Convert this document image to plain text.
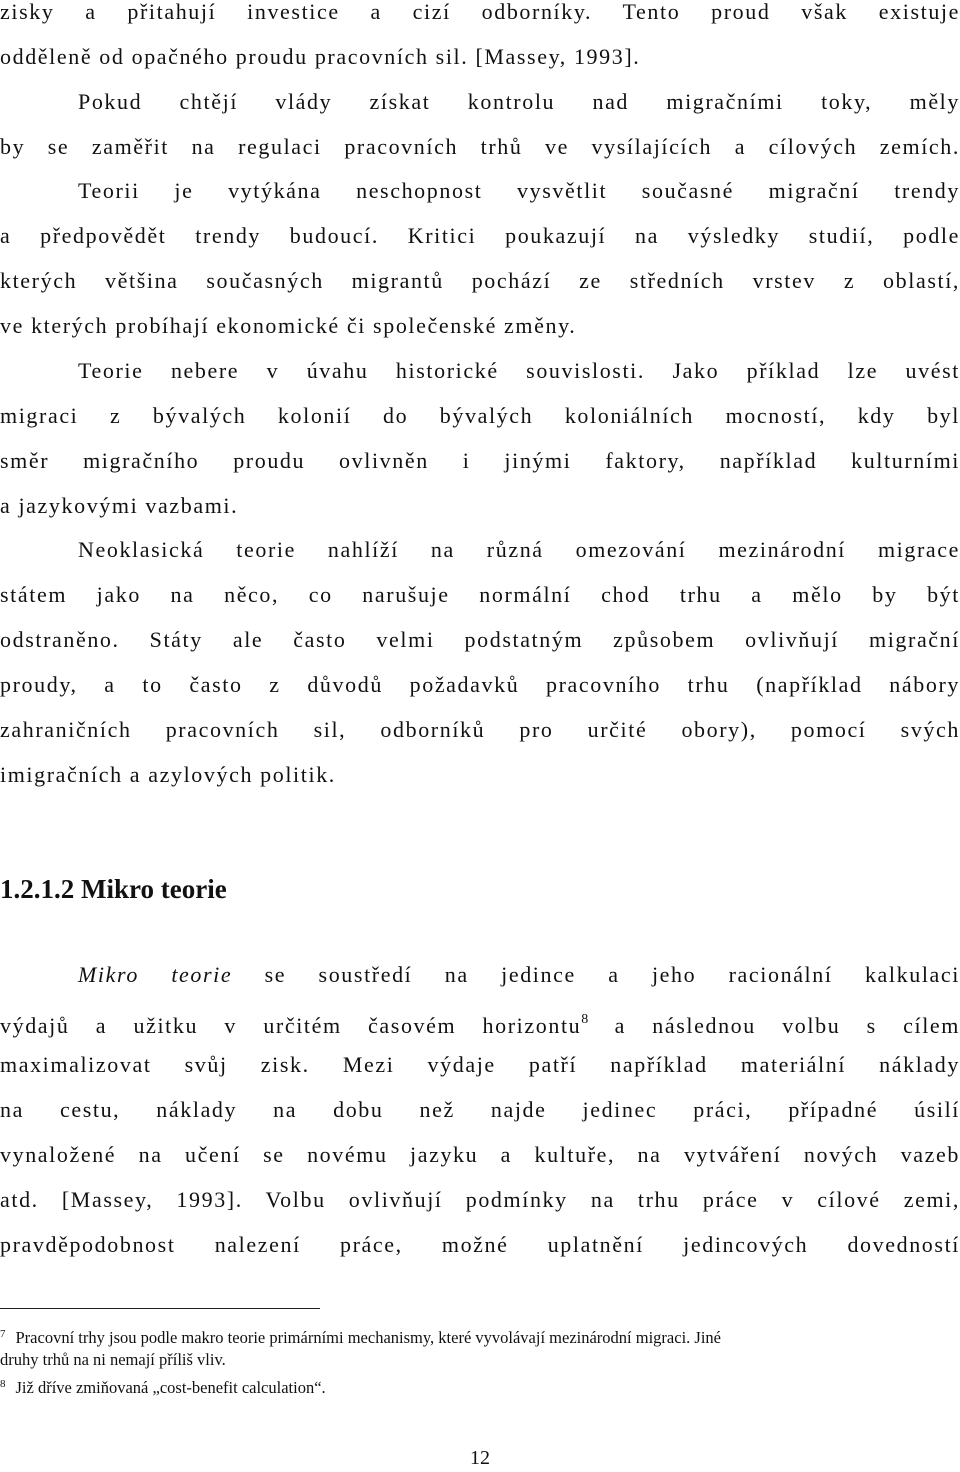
zisky a přitahují investice a cizí odborníky. Tento proud však existuje
odděleně od opačného proudu pracovních sil. [Massey, 1993].
Pokud chtějí vlády získat kontrolu nad migračními toky, měly
by se zaměřit na regulaci pracovních trhů ve vysílajících a cílových zemích.
Teorii je vytýkána neschopnost vysvětlit současné migrační trendy
a předpovědět trendy budoucí. Kritici poukazují na výsledky studií, podle
kterých většina současných migrantů pochází ze středních vrstev z oblastí,
ve kterých probíhají ekonomické či společenské změny.
Teorie nebere v úvahu historické souvislosti. Jako příklad lze uvést
migraci z bývalých kolonií do bývalých koloniálních mocností, kdy byl
směr migračního proudu ovlivněn i jinými faktory, například kulturními
a jazykovými vazbami.
Neoklasická teorie nahlíží na různá omezování mezinárodní migrace
státem jako na něco, co narušuje normální chod trhu a mělo by být
odstraněno. Státy ale často velmi podstatným způsobem ovlivňují migrační
proudy, a to často z důvodů požadavků pracovního trhu (například nábory
zahraničních pracovních sil, odborníků pro určité obory), pomocí svých
imigračních a azylových politik.
1.2.1.2 Mikro teorie
Mikro teorie se soustředí na jedince a jeho racionální kalkulaci
výdajů a užitku v určitém časovém horizontu$^8$ a následnou volbu s cílem
maximalizovat svůj zisk. Mezi výdaje patří například materiální náklady
na cestu, náklady na dobu než najde jedinec práci, případné úsilí
vynaložené na učení se novému jazyku a kultuře, na vytváření nových vazeb
atd. [Massey, 1993]. Volbu ovlivňují podmínky na trhu práce v cílové zemi,
pravděpodobnost nalezení práce, možné uplatnění jedincových dovedností
$^7$ Pracovní trhy jsou podle makro teorie primárními mechanismy, které vyvolávají mezinárodní migraci. Jiné
druhy trhů na ni nemají příliš vliv.
$^8$ Již dříve zmiňovaná „cost-benefit calculation“.
12
